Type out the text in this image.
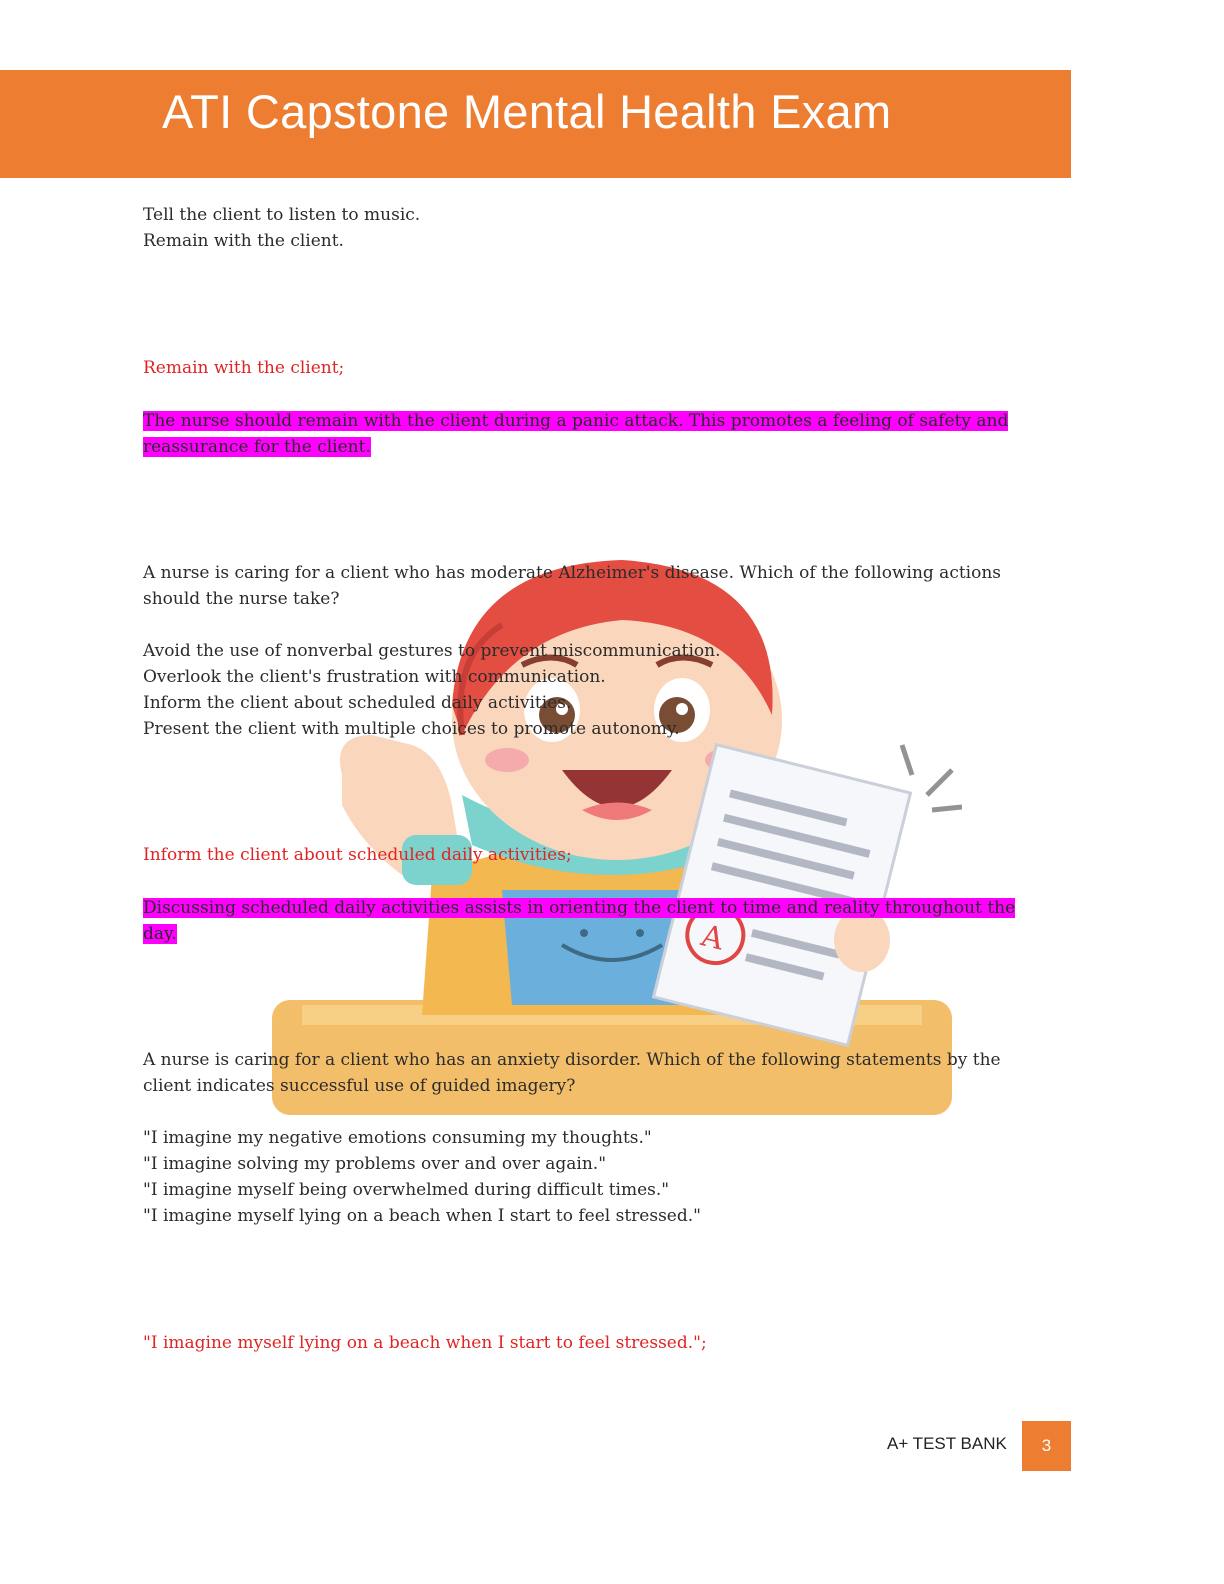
ATI Capstone Mental Health Exam
A
Tell the client to listen to music.
Remain with the client.
Remain with the client;
The nurse should remain with the client during a panic attack. This promotes a feeling of safety and reassurance for the client.
A nurse is caring for a client who has moderate Alzheimer's disease. Which of the following actions
should the nurse take?
Avoid the use of nonverbal gestures to prevent miscommunication.
Overlook the client's frustration with communication.
Inform the client about scheduled daily activities.
Present the client with multiple choices to promote autonomy.
Inform the client about scheduled daily activities;
Discussing scheduled daily activities assists in orienting the client to time and reality throughout the day.
A nurse is caring for a client who has an anxiety disorder. Which of the following statements by the
client indicates successful use of guided imagery?
"I imagine my negative emotions consuming my thoughts."
"I imagine solving my problems over and over again."
"I imagine myself being overwhelmed during difficult times."
"I imagine myself lying on a beach when I start to feel stressed."
"I imagine myself lying on a beach when I start to feel stressed.";
A+ TEST BANK	3
